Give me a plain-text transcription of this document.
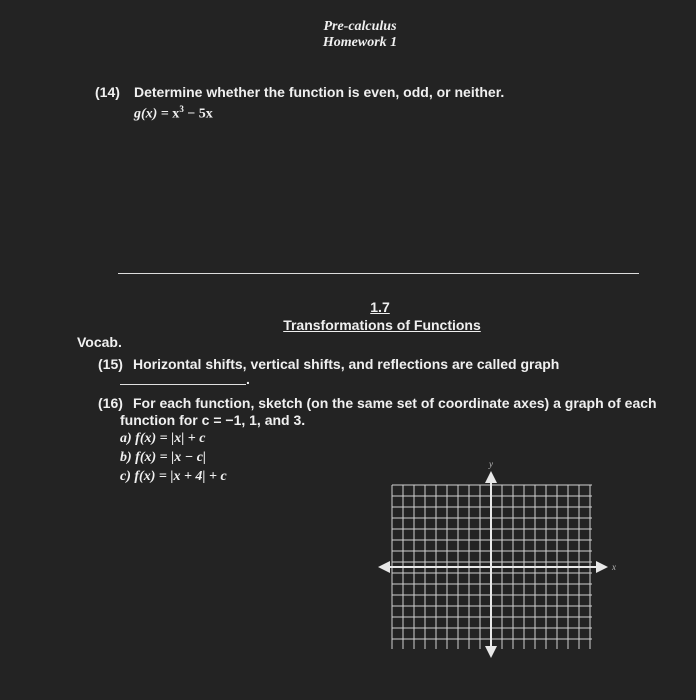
Pre-calculus
Homework 1
(14) Determine whether the function is even, odd, or neither.
$g(x) = x^3 - 5x$
1.7
Transformations of Functions
Vocab.
(15) Horizontal shifts, vertical shifts, and reflections are called graph
.
(16) For each function, sketch (on the same set of coordinate axes) a graph of each
function for c = −1, 1, and 3.
a) f(x) = |x| + c
b) f(x) = |x − c|
c) f(x) = |x + 4| + c
x
y
